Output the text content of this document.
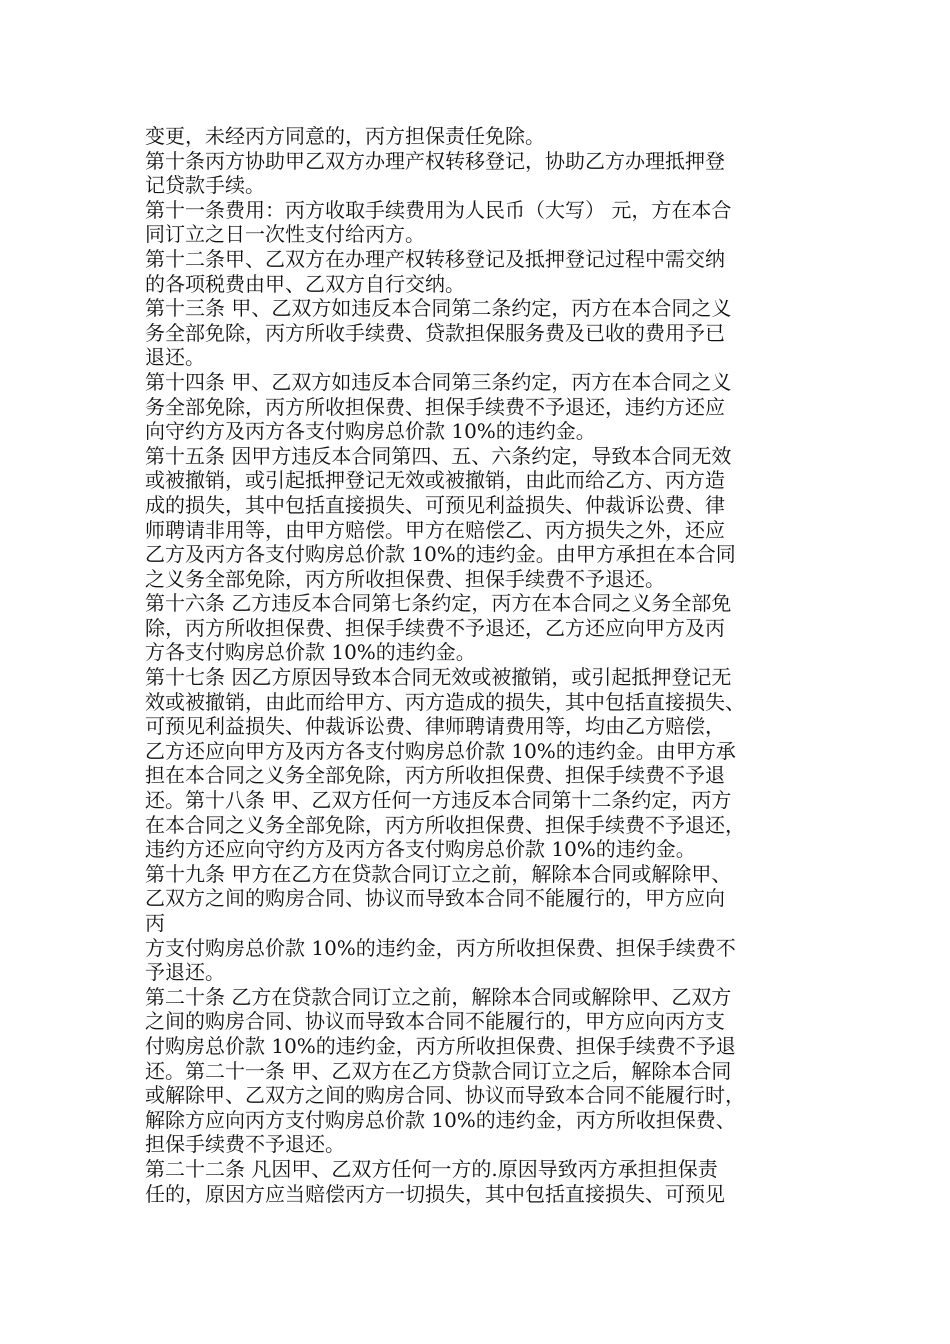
变更，未经丙方同意的，丙方担保责任免除。
第十条丙方协助甲乙双方办理产权转移登记，协助乙方办理抵押登
记贷款手续。
第十一条费用：丙方收取手续费用为人民币（大写） 元，方在本合
同订立之日一次性支付给丙方。
第十二条甲、乙双方在办理产权转移登记及抵押登记过程中需交纳
的各项税费由甲、乙双方自行交纳。
第十三条 甲、乙双方如违反本合同第二条约定，丙方在本合同之义
务全部免除，丙方所收手续费、贷款担保服务费及已收的费用予已
退还。
第十四条 甲、乙双方如违反本合同第三条约定，丙方在本合同之义
务全部免除，丙方所收担保费、担保手续费不予退还，违约方还应
向守约方及丙方各支付购房总价款 10%的违约金。
第十五条 因甲方违反本合同第四、五、六条约定，导致本合同无效
或被撤销，或引起抵押登记无效或被撤销，由此而给乙方、丙方造
成的损失，其中包括直接损失、可预见利益损失、仲裁诉讼费、律
师聘请非用等，由甲方赔偿。甲方在赔偿乙、丙方损失之外，还应
乙方及丙方各支付购房总价款 10%的违约金。由甲方承担在本合同
之义务全部免除，丙方所收担保费、担保手续费不予退还。
第十六条 乙方违反本合同第七条约定，丙方在本合同之义务全部免
除，丙方所收担保费、担保手续费不予退还，乙方还应向甲方及丙
方各支付购房总价款 10%的违约金。
第十七条 因乙方原因导致本合同无效或被撤销，或引起抵押登记无
效或被撤销，由此而给甲方、丙方造成的损失，其中包括直接损失、
可预见利益损失、仲裁诉讼费、律师聘请费用等，均由乙方赔偿，
乙方还应向甲方及丙方各支付购房总价款 10%的违约金。由甲方承
担在本合同之义务全部免除，丙方所收担保费、担保手续费不予退
还。第十八条 甲、乙双方任何一方违反本合同第十二条约定，丙方
在本合同之义务全部免除，丙方所收担保费、担保手续费不予退还，
违约方还应向守约方及丙方各支付购房总价款 10%的违约金。
第十九条 甲方在乙方在贷款合同订立之前，解除本合同或解除甲、
乙双方之间的购房合同、协议而导致本合同不能履行的，甲方应向
丙
方支付购房总价款 10%的违约金，丙方所收担保费、担保手续费不
予退还。
第二十条 乙方在贷款合同订立之前，解除本合同或解除甲、乙双方
之间的购房合同、协议而导致本合同不能履行的，甲方应向丙方支
付购房总价款 10%的违约金，丙方所收担保费、担保手续费不予退
还。第二十一条 甲、乙双方在乙方贷款合同订立之后，解除本合同
或解除甲、乙双方之间的购房合同、协议而导致本合同不能履行时，
解除方应向丙方支付购房总价款 10%的违约金，丙方所收担保费、
担保手续费不予退还。
第二十二条 凡因甲、乙双方任何一方的.原因导致丙方承担担保责
任的，原因方应当赔偿丙方一切损失，其中包括直接损失、可预见
